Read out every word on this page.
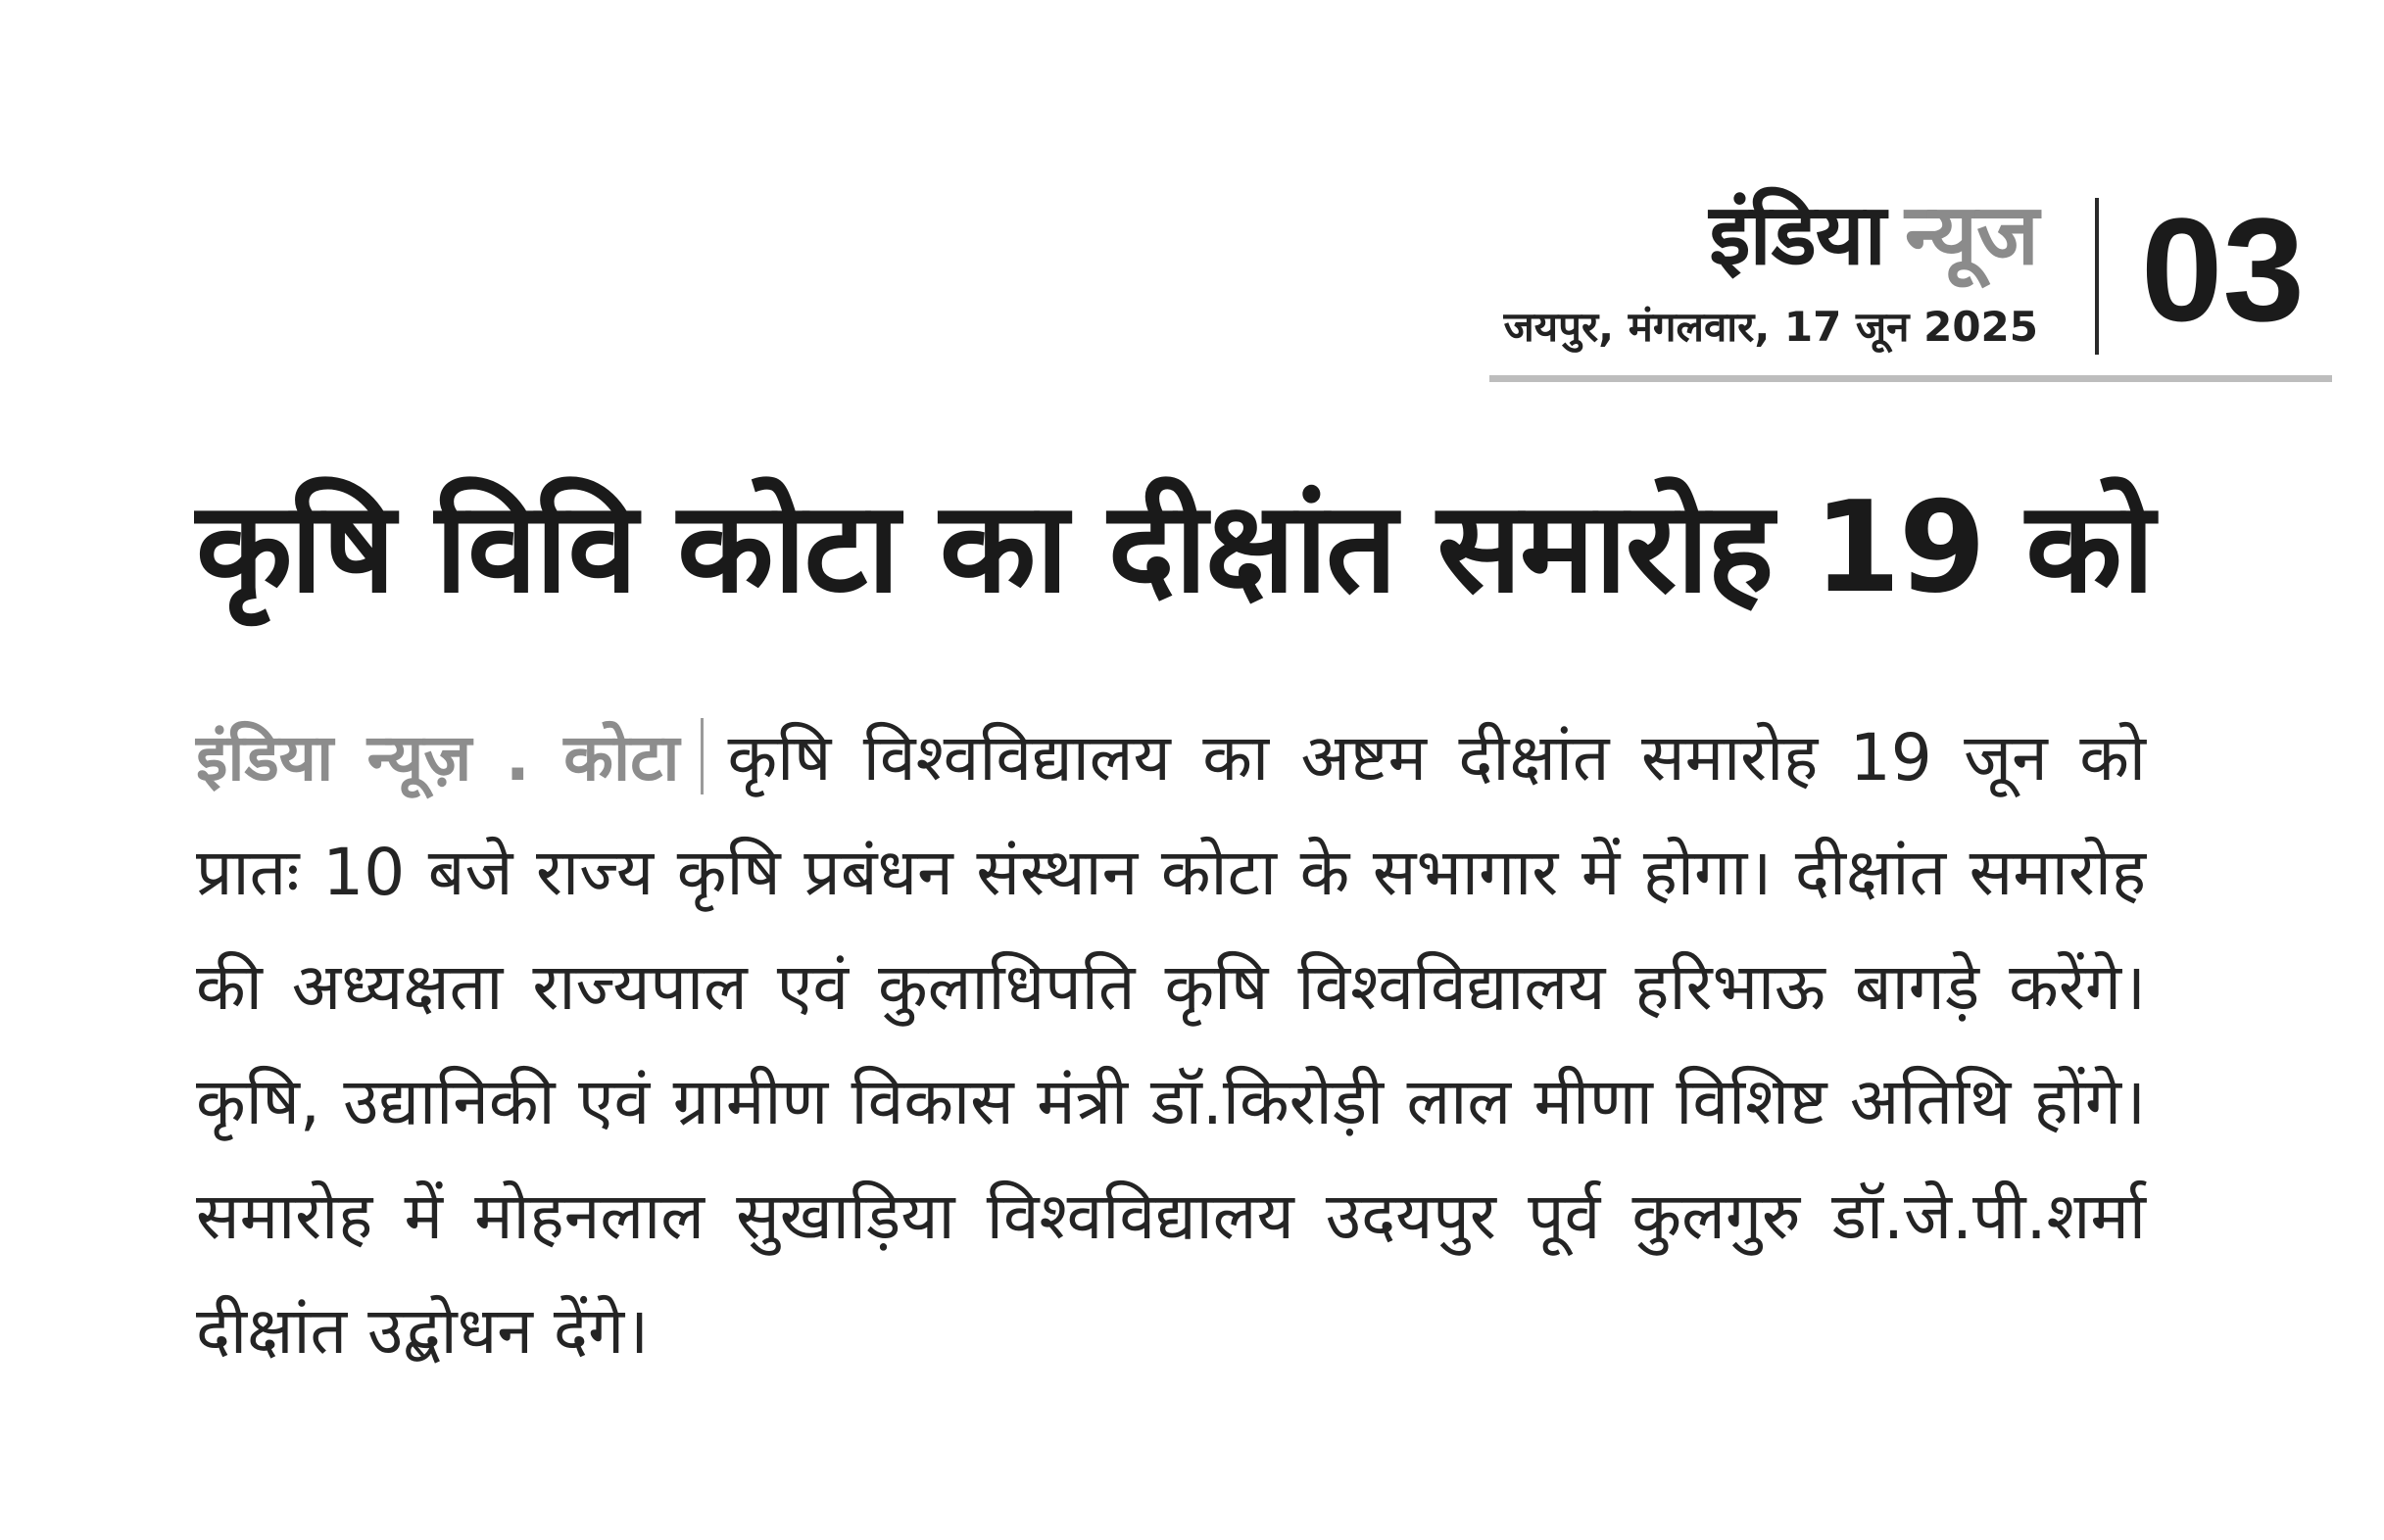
इंडिया न्यूज
जयपुर, मंगलवार, 17 जून 2025 03
कृषि विवि कोटा का दीक्षांत समारोह 19 को

इंडिया न्यूज़ . कोटा कृषि विश्वविद्यालय का अष्टम दीक्षांत समारोह 19 जून को प्रातः 10 बजे राज्य कृषि प्रबंधन संस्थान कोटा के सभागार में होगा। दीक्षांत समारोह की अध्यक्षता राज्यपाल एवं कुलाधिपति कृषि विश्वविद्यालय हरिभाऊ बागड़े करेंगे। कृषि, उद्यानिकी एवं ग्रामीण विकास मंत्री डॉ.किरोड़ी लाल मीणा विशिष्ट अतिथि होंगे। समारोह में मोहनलाल सुखाड़िया विश्वविद्यालय उदयपुर पूर्व कुलगुरु डॉ.जे.पी.शर्मा दीक्षांत उद्बोधन देंगे।
